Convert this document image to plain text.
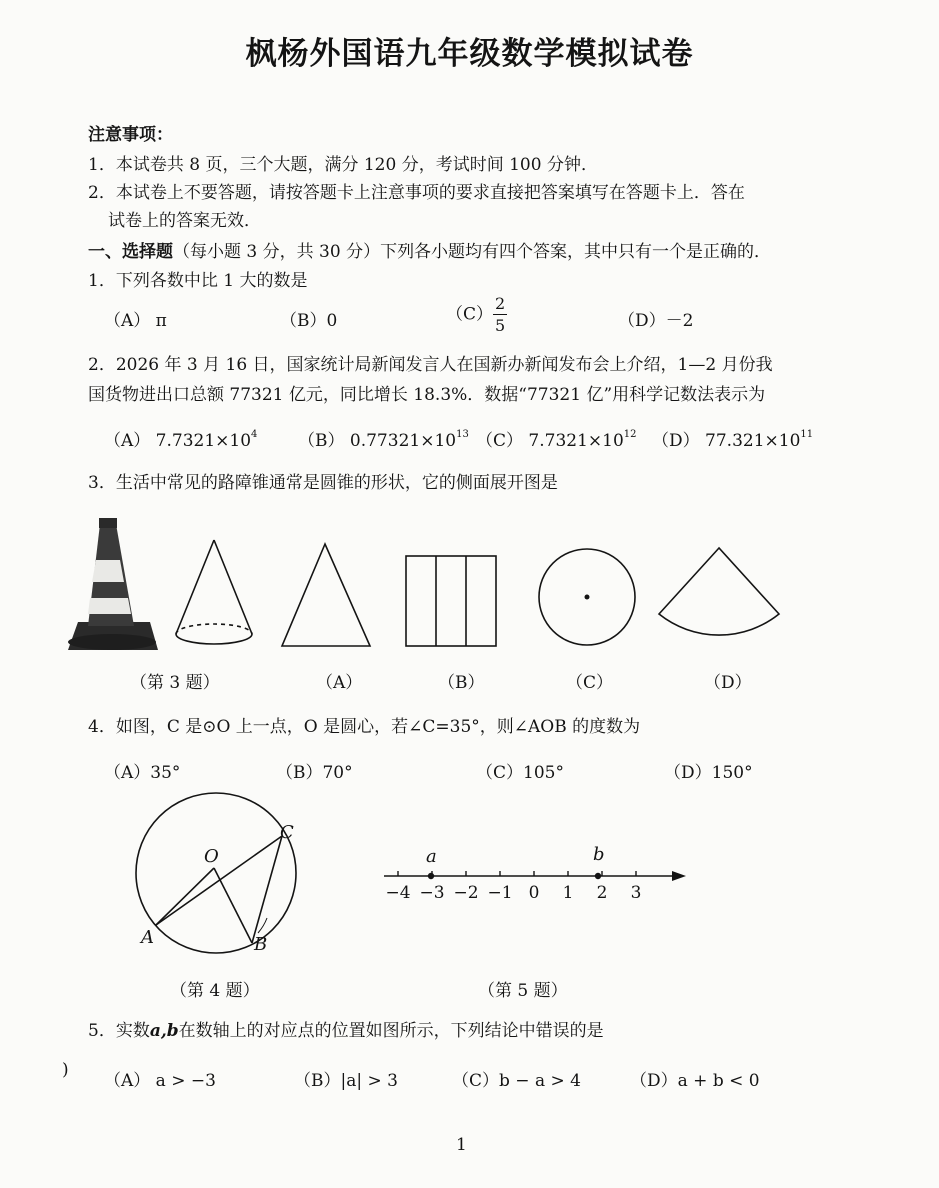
枫杨外国语九年级数学模拟试卷
注意事项：
1．本试卷共 8 页，三个大题，满分 120 分，考试时间 100 分钟．
2．本试卷上不要答题，请按答题卡上注意事项的要求直接把答案填写在答题卡上．答在
试卷上的答案无效．
一、选择题（每小题 3 分，共 30 分）下列各小题均有四个答案，其中只有一个是正确的．
1．下列各数中比 1 大的数是
（A） π	（B）0	$(C) \frac{2}{5}$	（D）－2
2．2026 年 3 月 16 日，国家统计局新闻发言人在国新办新闻发布会上介绍，1—2 月份我
国货物进出口总额 77321 亿元，同比增长 18.3%．数据“77321 亿”用科学记数法表示为
（A） $7.7321\times 10^4$ （B） $0.77321\times 10^{13}$ （C） $7.7321\times 10^{12}$ （D） $77.321\times 10^{11}$
3．生活中常见的路障锥通常是圆锥的形状，它的侧面展开图是
（第 3 题）	（A）	（B）	（C）	（D）
4．如图，C 是⊙O 上一点，O 是圆心，若∠C=35°，则∠AOB 的度数为
（A）35°	（B）70°	（C）105°	（D）150°
O
A	B
C
−4 −3 −2 −1 0 1 2 3
a	b
（第 4 题）	（第 5 题）
5．实数a,b在数轴上的对应点的位置如图所示，下列结论中错误的是
)
（A） a > −3	（B）|a| > 3	（C）b − a > 4	（D）a + b < 0
1
